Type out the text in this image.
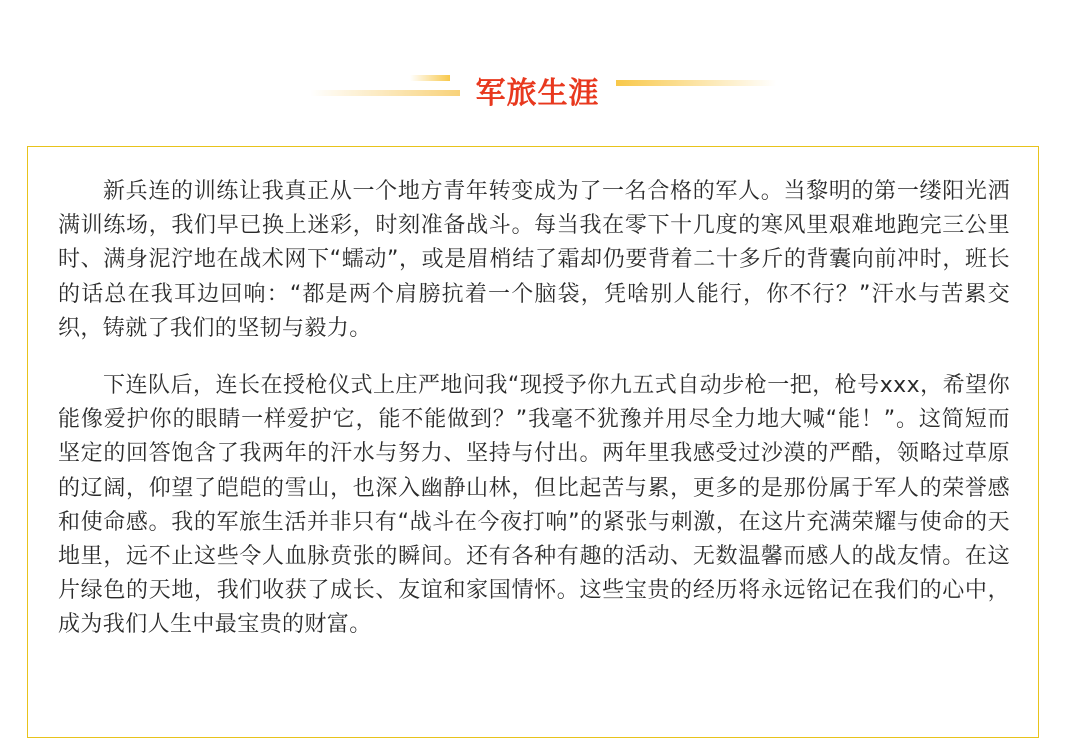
军旅生涯

新兵连的训练让我真正从一个地方青年转变成为了一名合格的军人。当黎明的第一缕阳光洒满训练场，我们早已换上迷彩，时刻准备战斗。每当我在零下十几度的寒风里艰难地跑完三公里时、满身泥泞地在战术网下“蠕动”，或是眉梢结了霜却仍要背着二十多斤的背囊向前冲时，班长的话总在我耳边回响：“都是两个肩膀抗着一个脑袋，凭啥别人能行，你不行？”汗水与苦累交织，铸就了我们的坚韧与毅力。

下连队后，连长在授枪仪式上庄严地问我“现授予你九五式自动步枪一把，枪号xxx，希望你能像爱护你的眼睛一样爱护它，能不能做到？”我毫不犹豫并用尽全力地大喊“能！”。这简短而坚定的回答饱含了我两年的汗水与努力、坚持与付出。两年里我感受过沙漠的严酷，领略过草原的辽阔，仰望了皑皑的雪山，也深入幽静山林，但比起苦与累，更多的是那份属于军人的荣誉感和使命感。我的军旅生活并非只有“战斗在今夜打响”的紧张与刺激，在这片充满荣耀与使命的天地里，远不止这些令人血脉贲张的瞬间。还有各种有趣的活动、无数温馨而感人的战友情。在这片绿色的天地，我们收获了成长、友谊和家国情怀。这些宝贵的经历将永远铭记在我们的心中，成为我们人生中最宝贵的财富。
